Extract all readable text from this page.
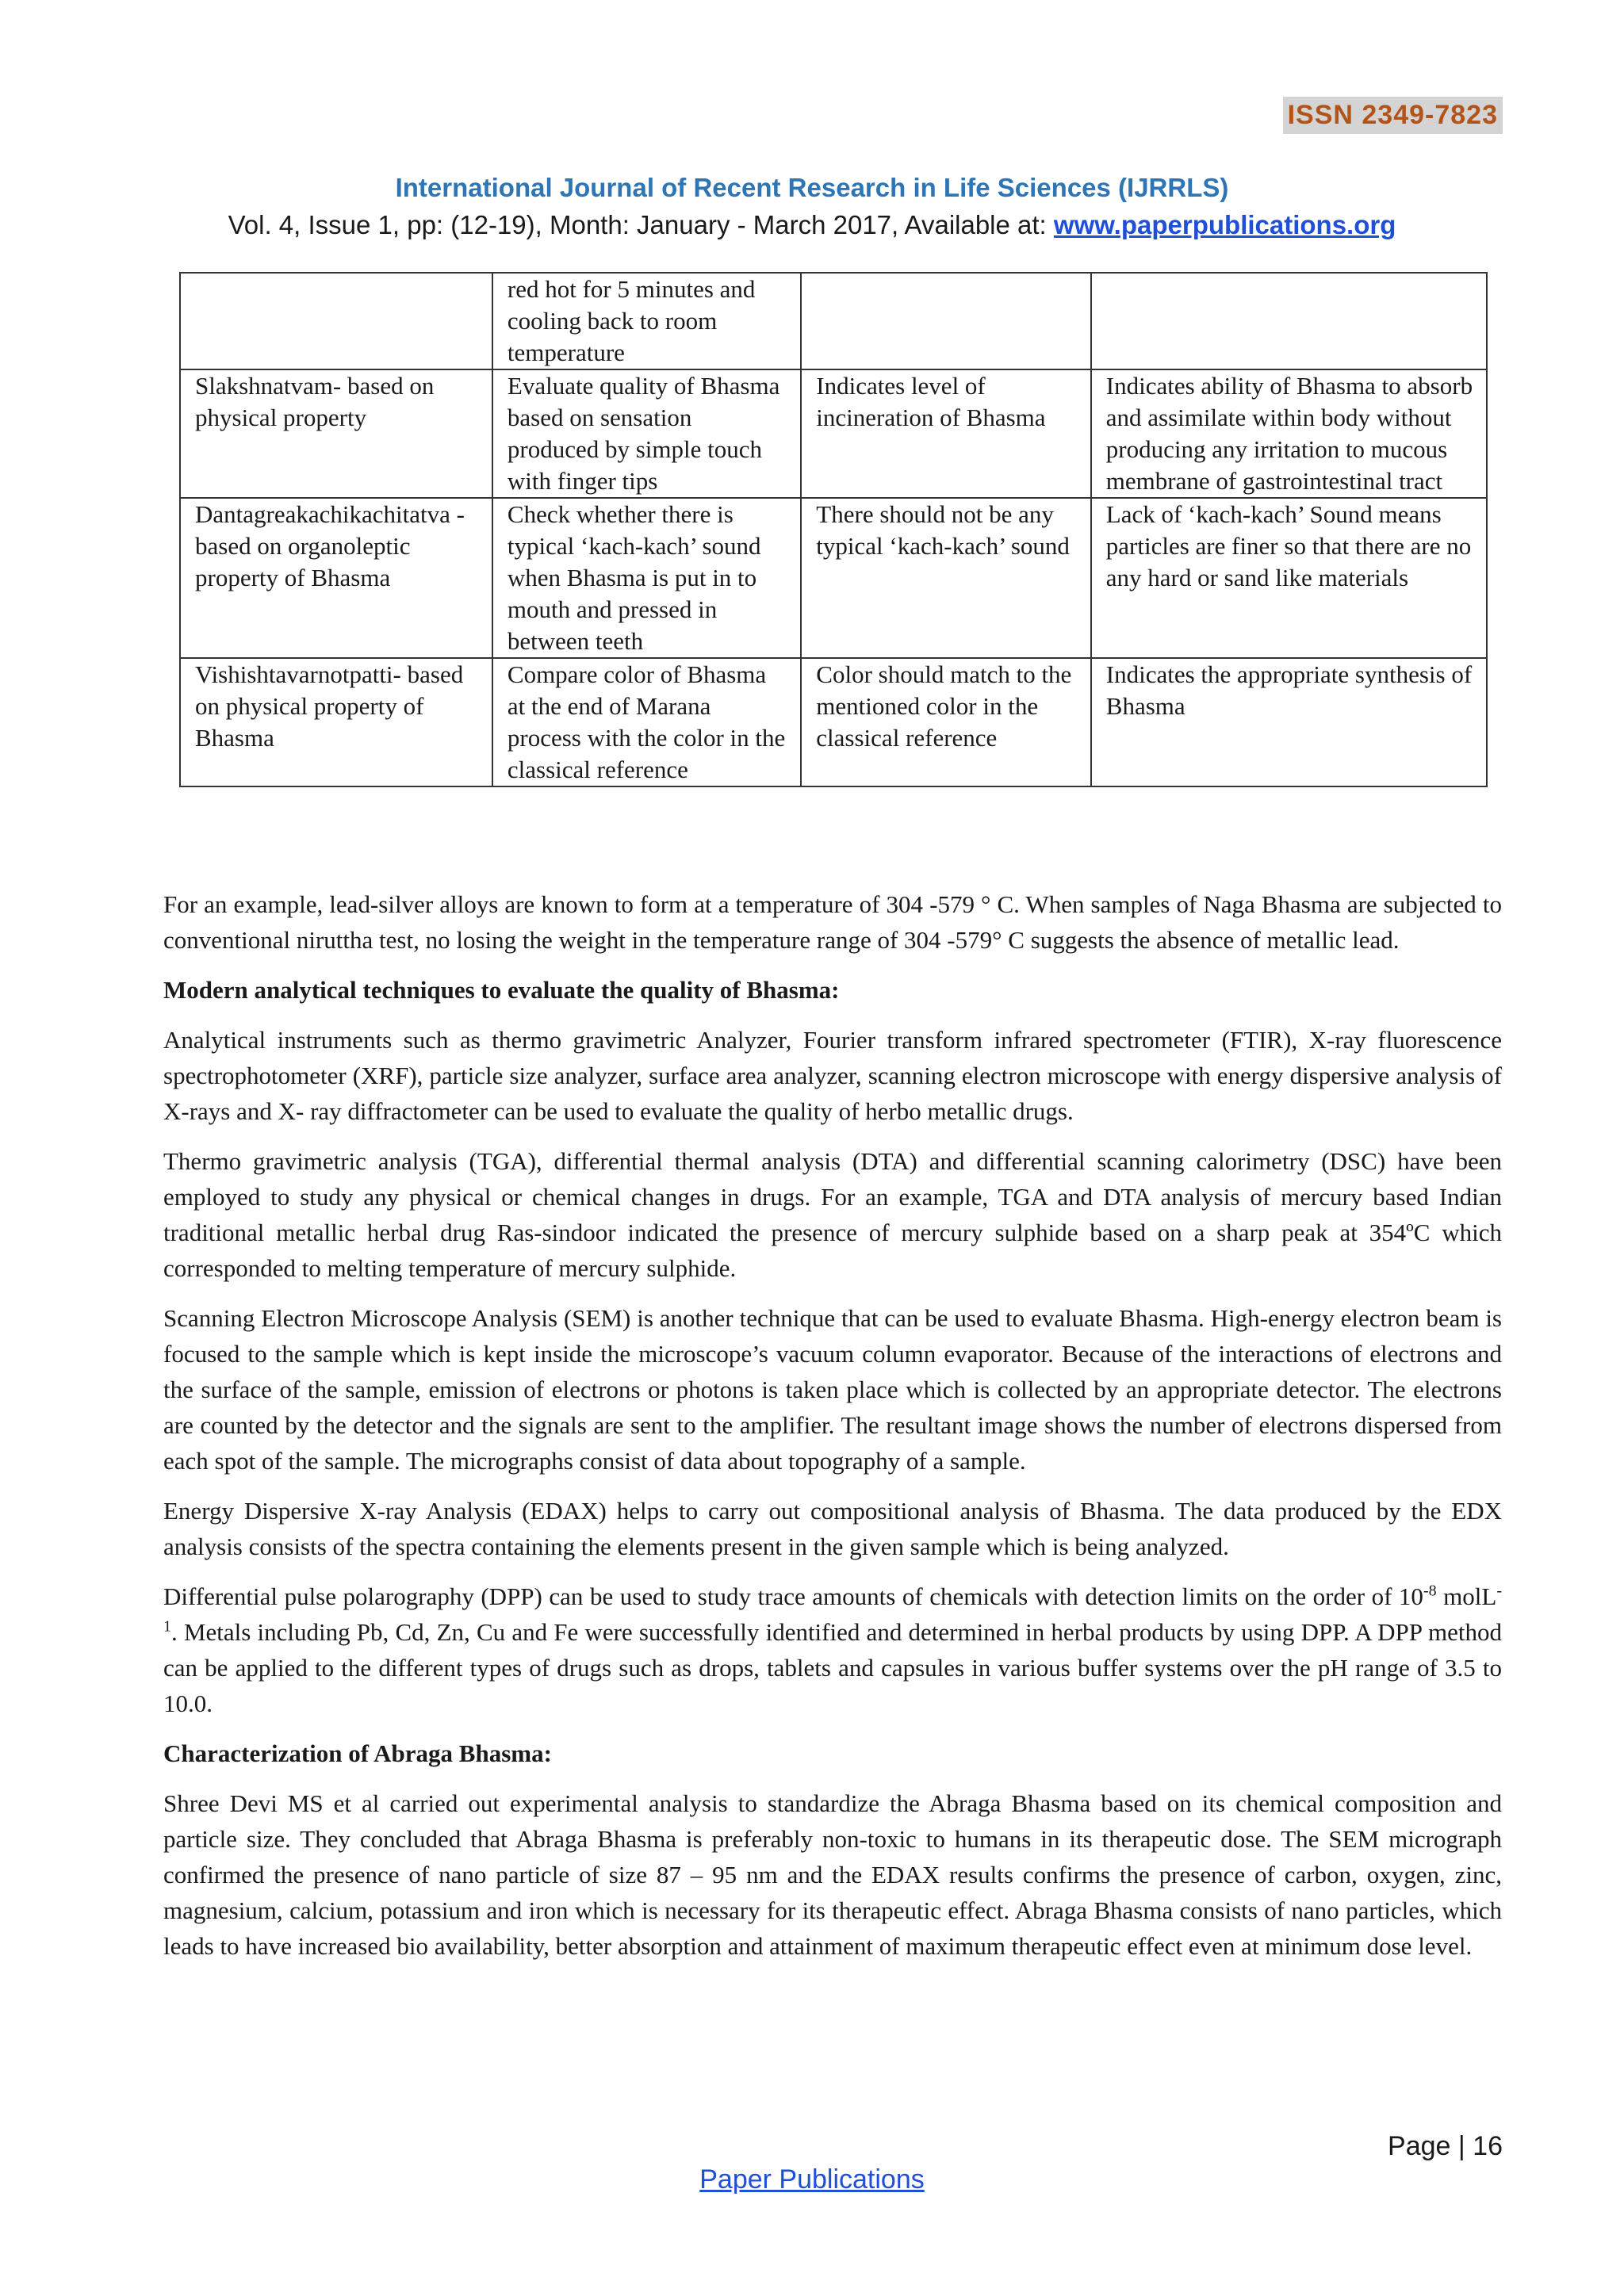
ISSN 2349-7823
International Journal of Recent Research in Life Sciences (IJRRLS)
Vol. 4, Issue 1, pp: (12-19), Month: January - March 2017, Available at: www.paperpublications.org
	red hot for 5 minutes and cooling back to room temperature		
Slakshnatvam- based on physical property	Evaluate quality of Bhasma based on sensation produced by simple touch with finger tips	Indicates level of incineration of Bhasma	Indicates ability of Bhasma to absorb and assimilate within body without producing any irritation to mucous membrane of gastrointestinal tract
Dantagreakachikachitatva -based on organoleptic property of Bhasma	Check whether there is typical ‘kach-kach’ sound when Bhasma is put in to mouth and pressed in between teeth	There should not be any typical ‘kach-kach’ sound	Lack of ‘kach-kach’ Sound means particles are finer so that there are no any hard or sand like materials
Vishishtavarnotpatti- based on physical property of Bhasma	Compare color of Bhasma at the end of Marana process with the color in the classical reference	Color should match to the mentioned color in the classical reference	Indicates the appropriate synthesis of Bhasma

For an example, lead-silver alloys are known to form at a temperature of 304 -579 ° C. When samples of Naga Bhasma are subjected to conventional niruttha test, no losing the weight in the temperature range of 304 -579° C suggests the absence of metallic lead.

Modern analytical techniques to evaluate the quality of Bhasma:

Analytical instruments such as thermo gravimetric Analyzer, Fourier transform infrared spectrometer (FTIR), X-ray fluorescence spectrophotometer (XRF), particle size analyzer, surface area analyzer, scanning electron microscope with energy dispersive analysis of X-rays and X- ray diffractometer can be used to evaluate the quality of herbo metallic drugs.

Thermo gravimetric analysis (TGA), differential thermal analysis (DTA) and differential scanning calorimetry (DSC) have been employed to study any physical or chemical changes in drugs. For an example, TGA and DTA analysis of mercury based Indian traditional metallic herbal drug Ras-sindoor indicated the presence of mercury sulphide based on a sharp peak at 354ºC which corresponded to melting temperature of mercury sulphide.

Scanning Electron Microscope Analysis (SEM) is another technique that can be used to evaluate Bhasma. High-energy electron beam is focused to the sample which is kept inside the microscope’s vacuum column evaporator. Because of the interactions of electrons and the surface of the sample, emission of electrons or photons is taken place which is collected by an appropriate detector. The electrons are counted by the detector and the signals are sent to the amplifier. The resultant image shows the number of electrons dispersed from each spot of the sample. The micrographs consist of data about topography of a sample.

Energy Dispersive X-ray Analysis (EDAX) helps to carry out compositional analysis of Bhasma. The data produced by the EDX analysis consists of the spectra containing the elements present in the given sample which is being analyzed.

Differential pulse polarography (DPP) can be used to study trace amounts of chemicals with detection limits on the order of $10^{-8}$ molL$^{-1}$. Metals including Pb, Cd, Zn, Cu and Fe were successfully identified and determined in herbal products by using DPP. A DPP method can be applied to the different types of drugs such as drops, tablets and capsules in various buffer systems over the pH range of 3.5 to 10.0.

Characterization of Abraga Bhasma:

Shree Devi MS et al carried out experimental analysis to standardize the Abraga Bhasma based on its chemical composition and particle size. They concluded that Abraga Bhasma is preferably non-toxic to humans in its therapeutic dose. The SEM micrograph confirmed the presence of nano particle of size 87 – 95 nm and the EDAX results confirms the presence of carbon, oxygen, zinc, magnesium, calcium, potassium and iron which is necessary for its therapeutic effect. Abraga Bhasma consists of nano particles, which leads to have increased bio availability, better absorption and attainment of maximum therapeutic effect even at minimum dose level.

Page | 16
Paper Publications
